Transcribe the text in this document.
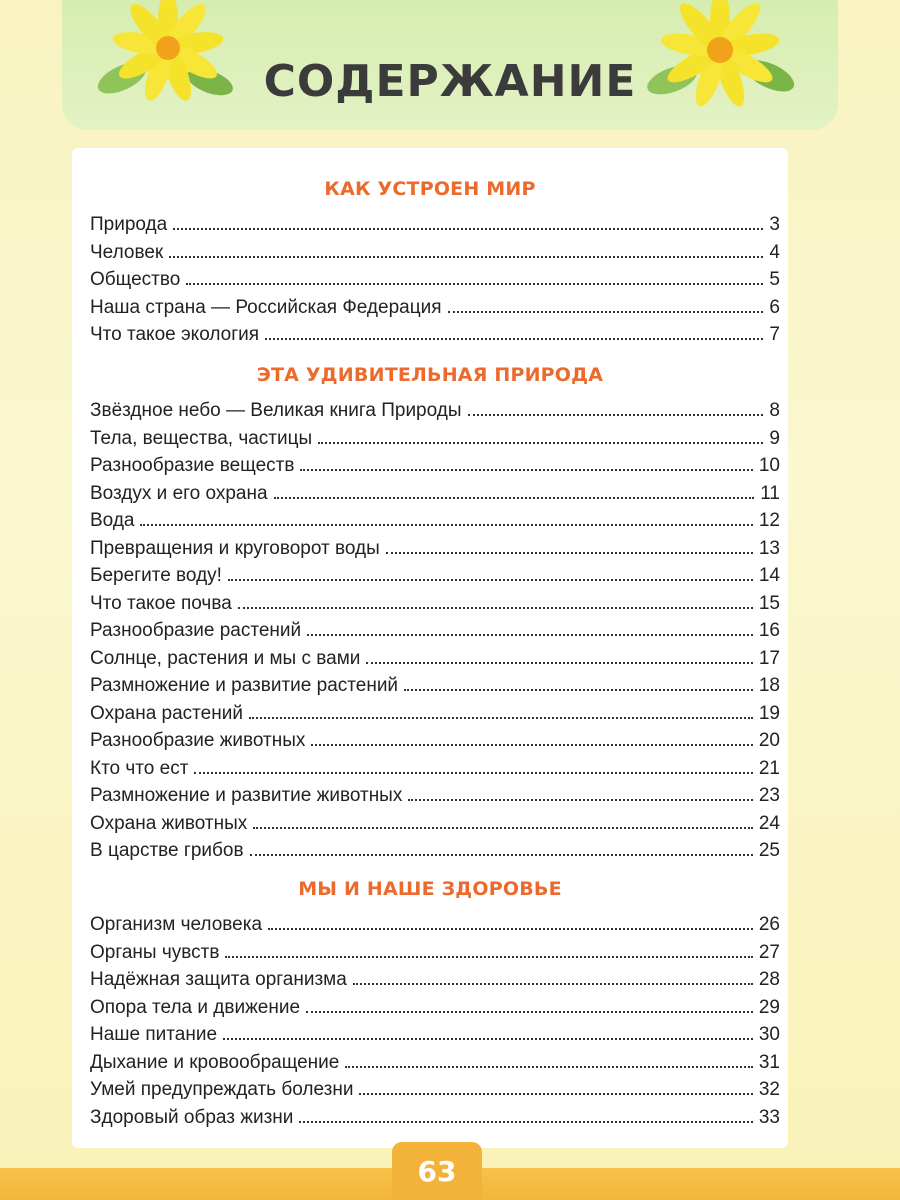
СОДЕРЖАНИЕ
КАК УСТРОЕН МИР
Природа	3
Человек	4
Общество	5
Наша страна — Российская Федерация	6
Что такое экология	7
ЭТА УДИВИТЕЛЬНАЯ ПРИРОДА
Звёздное небо — Великая книга Природы	8
Тела, вещества, частицы	9
Разнообразие веществ	10
Воздух и его охрана	11
Вода	12
Превращения и круговорот воды	13
Берегите воду!	14
Что такое почва	15
Разнообразие растений	16
Солнце, растения и мы с вами	17
Размножение и развитие растений	18
Охрана растений	19
Разнообразие животных	20
Кто что ест	21
Размножение и развитие животных	23
Охрана животных	24
В царстве грибов	25
МЫ И НАШЕ ЗДОРОВЬЕ
Организм человека	26
Органы чувств	27
Надёжная защита организма	28
Опора тела и движение	29
Наше питание	30
Дыхание и кровообращение	31
Умей предупреждать болезни	32
Здоровый образ жизни	33
63
